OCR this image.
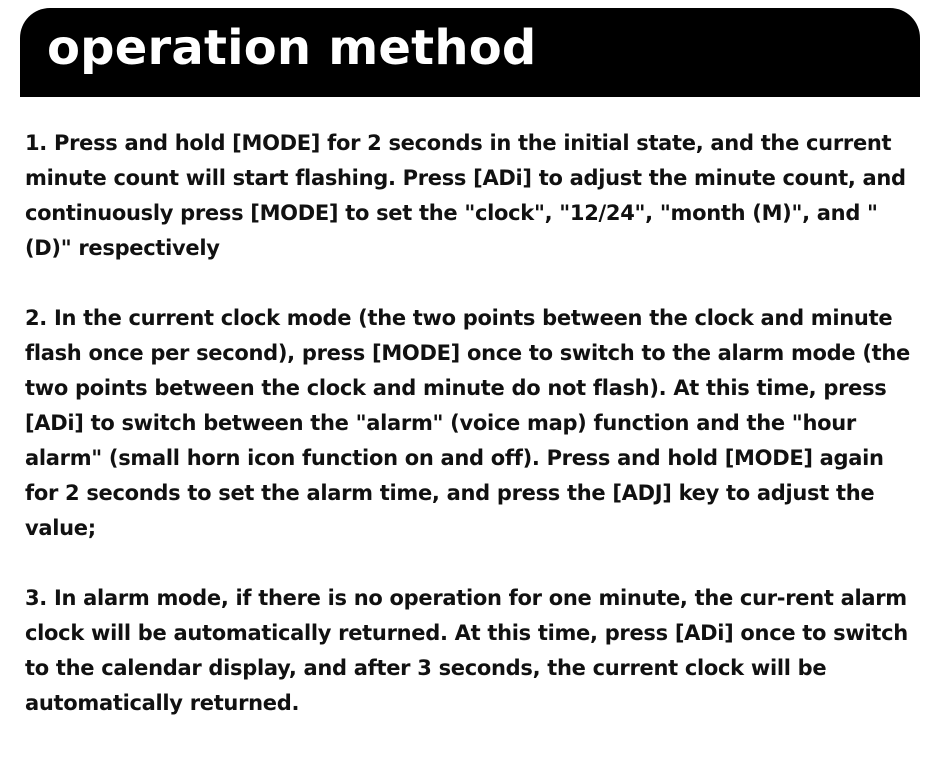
operation method

1. Press and hold [MODE] for 2 seconds in the initial state, and the current minute count will start flashing. Press [ADi] to adjust the minute count, and continuously press [MODE] to set the "clock", "12/24", "month (M)", and "(D)" respectively

2. In the current clock mode (the two points between the clock and minute flash once per second), press [MODE] once to switch to the alarm mode (the two points between the clock and minute do not flash). At this time, press [ADi] to switch between the "alarm" (voice map) function and the "hour alarm" (small horn icon function on and off). Press and hold [MODE] again for 2 seconds to set the alarm time, and press the [ADJ] key to adjust the value;

3. In alarm mode, if there is no operation for one minute, the cur-rent alarm clock will be automatically returned. At this time, press [ADi] once to switch to the calendar display, and after 3 seconds, the current clock will be automatically returned.
